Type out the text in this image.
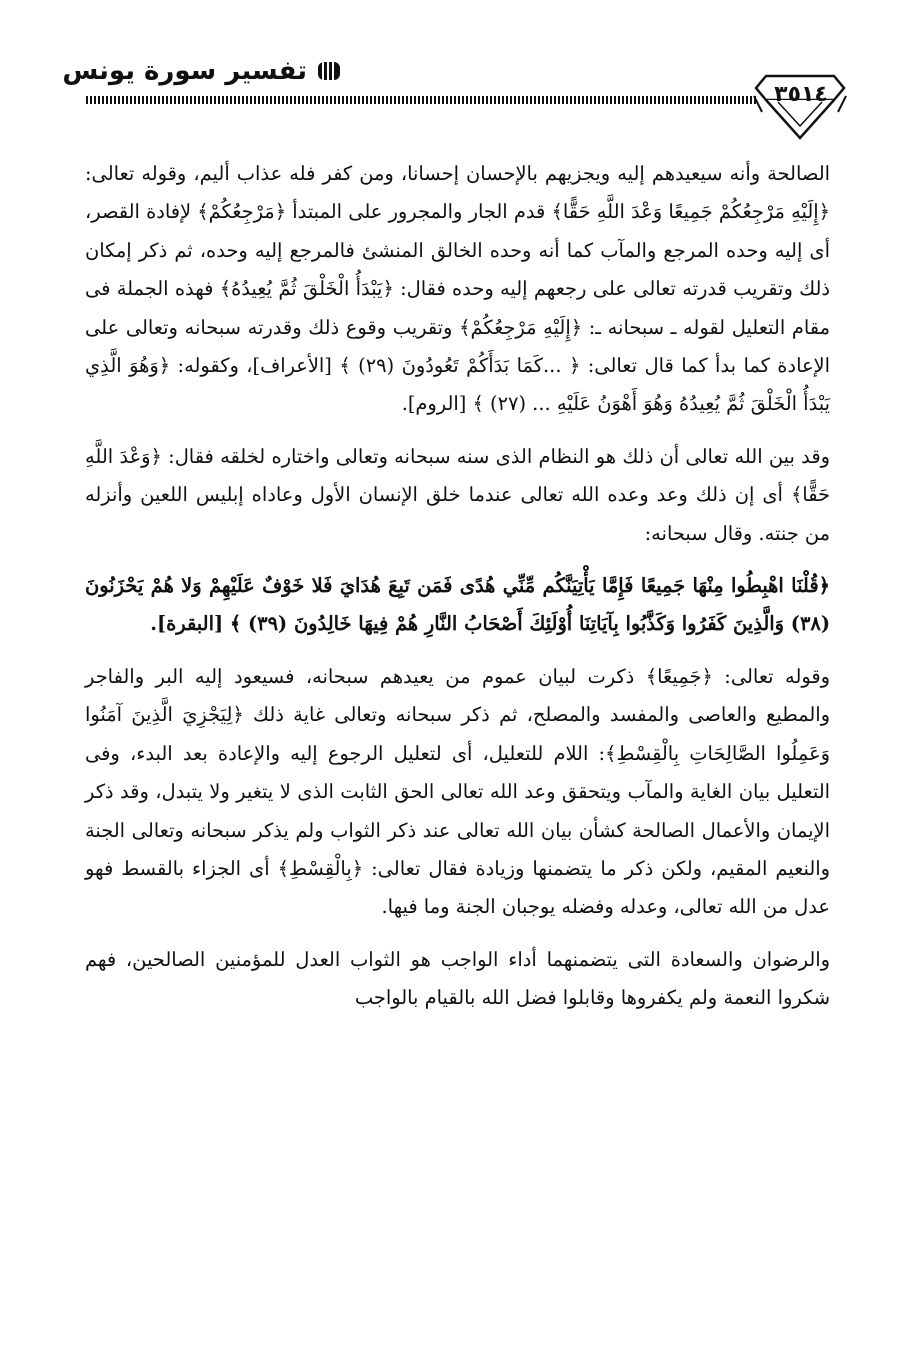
تفسير سورة يونس
٣٥١٤

الصالحة وأنه سيعيدهم إليه ويجزيهم بالإحسان إحسانا، ومن كفر فله عذاب أليم، وقوله تعالى: ﴿إِلَيْهِ مَرْجِعُكُمْ جَمِيعًا وَعْدَ اللَّهِ حَقًّا﴾ قدم الجار والمجرور على المبتدأ ﴿مَرْجِعُكُمْ﴾ لإفادة القصر، أى إليه وحده المرجع والمآب كما أنه وحده الخالق المنشئ فالمرجع إليه وحده، ثم ذكر إمكان ذلك وتقريب قدرته تعالى على رجعهم إليه وحده فقال: ﴿يَبْدَأُ الْخَلْقَ ثُمَّ يُعِيدُهُ﴾ فهذه الجملة فى مقام التعليل لقوله ـ سبحانه ـ: ﴿إِلَيْهِ مَرْجِعُكُمْ﴾ وتقريب وقوع ذلك وقدرته سبحانه وتعالى على الإعادة كما بدأ كما قال تعالى: ﴿ ...كَمَا بَدَأَكُمْ تَعُودُونَ (٢٩) ﴾ [الأعراف]، وكقوله: ﴿وَهُوَ الَّذِي يَبْدَأُ الْخَلْقَ ثُمَّ يُعِيدُهُ وَهُوَ أَهْوَنُ عَلَيْهِ ... (٢٧) ﴾ [الروم].

وقد بين الله تعالى أن ذلك هو النظام الذى سنه سبحانه وتعالى واختاره لخلقه فقال: ﴿وَعْدَ اللَّهِ حَقًّا﴾ أى إن ذلك وعد وعده الله تعالى عندما خلق الإنسان الأول وعاداه إبليس اللعين وأنزله من جنته. وقال سبحانه:

﴿قُلْنَا اهْبِطُوا مِنْهَا جَمِيعًا فَإِمَّا يَأْتِيَنَّكُم مِّنِّي هُدًى فَمَن تَبِعَ هُدَايَ فَلا خَوْفٌ عَلَيْهِمْ وَلا هُمْ يَحْزَنُونَ (٣٨) وَالَّذِينَ كَفَرُوا وَكَذَّبُوا بِآيَاتِنَا أُوْلَئِكَ أَصْحَابُ النَّارِ هُمْ فِيهَا خَالِدُونَ (٣٩) ﴾ [البقرة].

وقوله تعالى: ﴿جَمِيعًا﴾ ذكرت لبيان عموم من يعيدهم سبحانه، فسيعود إليه البر والفاجر والمطيع والعاصى والمفسد والمصلح، ثم ذكر سبحانه وتعالى غاية ذلك ﴿لِيَجْزِيَ الَّذِينَ آمَنُوا وَعَمِلُوا الصَّالِحَاتِ بِالْقِسْطِ﴾: اللام للتعليل، أى لتعليل الرجوع إليه والإعادة بعد البدء، وفى التعليل بيان الغاية والمآب ويتحقق وعد الله تعالى الحق الثابت الذى لا يتغير ولا يتبدل، وقد ذكر الإيمان والأعمال الصالحة كشأن بيان الله تعالى عند ذكر الثواب ولم يذكر سبحانه وتعالى الجنة والنعيم المقيم، ولكن ذكر ما يتضمنها وزيادة فقال تعالى: ﴿بِالْقِسْطِ﴾ أى الجزاء بالقسط فهو عدل من الله تعالى، وعدله وفضله يوجبان الجنة وما فيها.

والرضوان والسعادة التى يتضمنهما أداء الواجب هو الثواب العدل للمؤمنين الصالحين، فهم شكروا النعمة ولم يكفروها وقابلوا فضل الله بالقيام بالواجب
